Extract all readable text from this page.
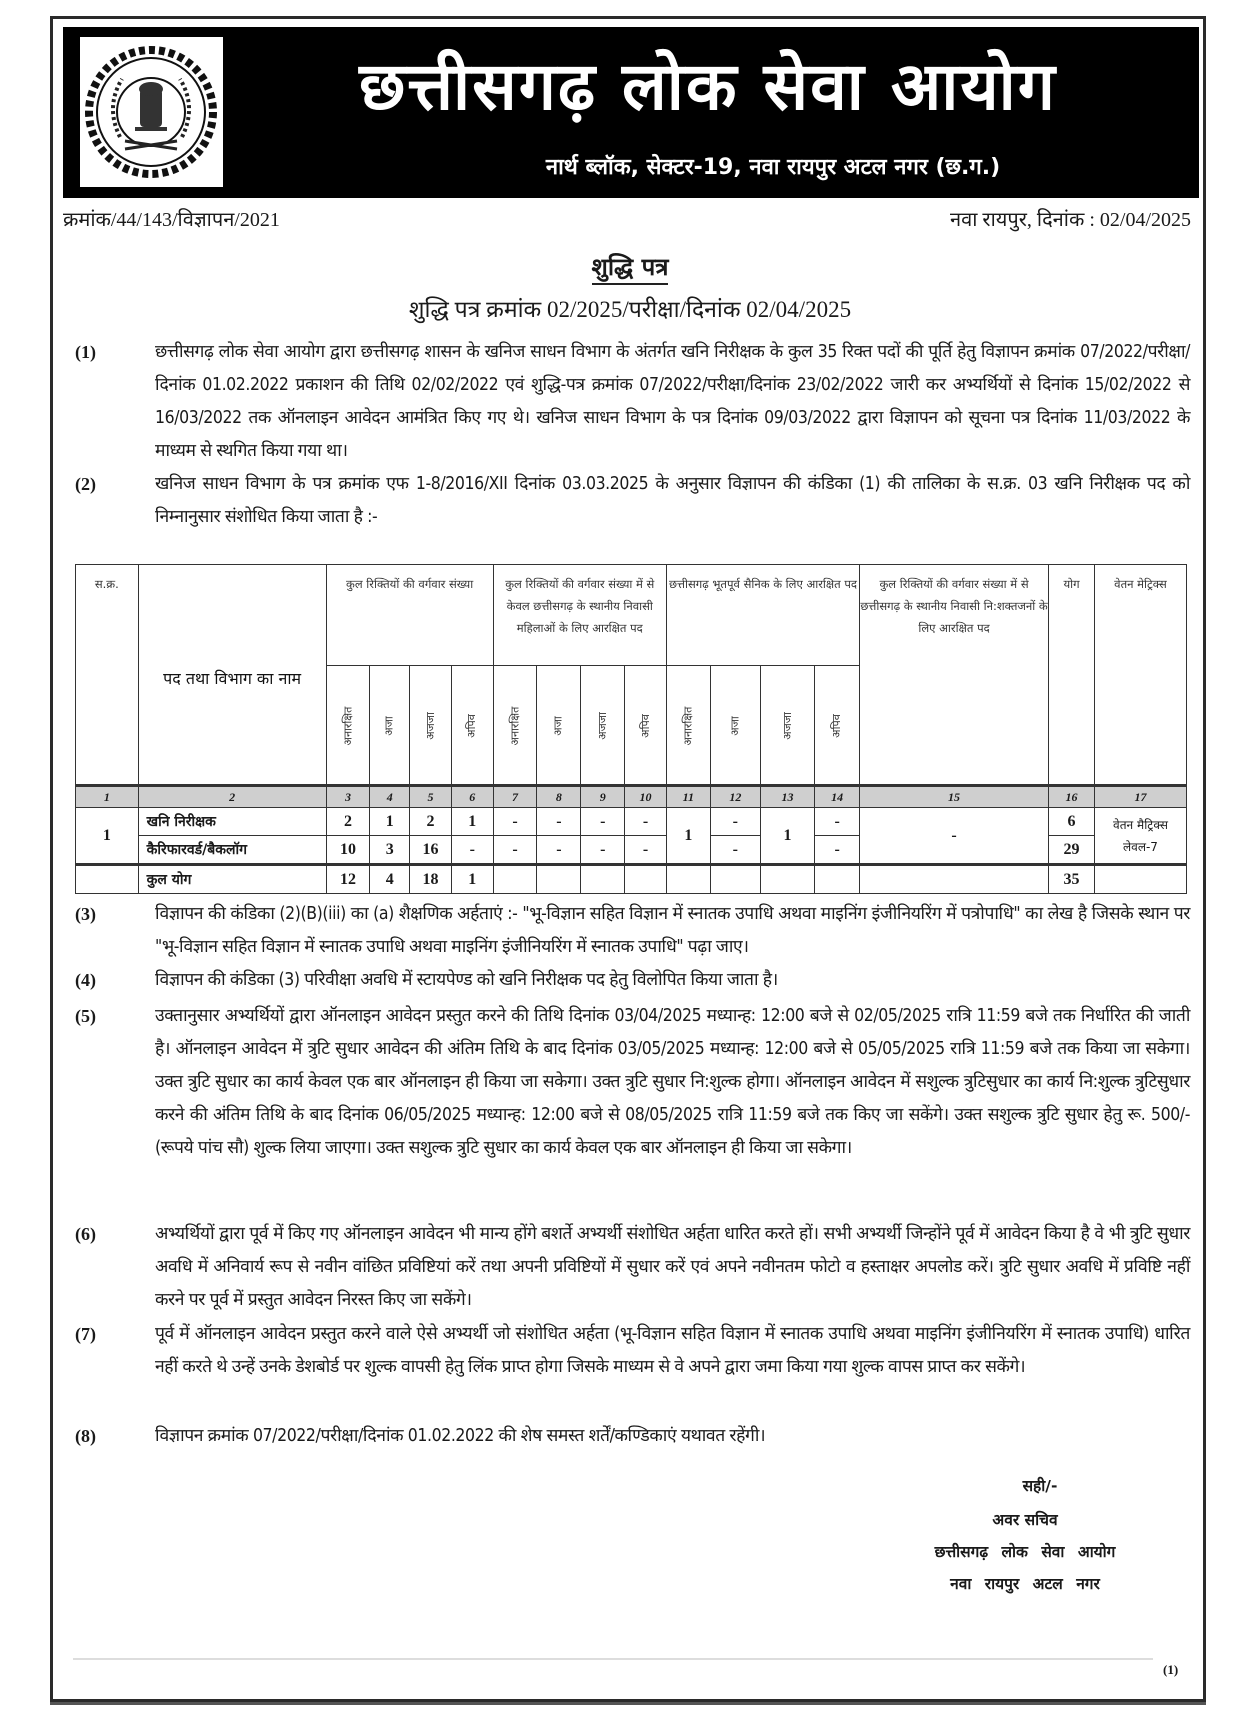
छत्तीसगढ़ लोक सेवा आयोग
नार्थ ब्लॉक, सेक्टर-19, नवा रायपुर अटल नगर (छ.ग.)
क्रमांक/44/143/विज्ञापन/2021	नवा रायपुर, दिनांक : 02/04/2025
शुद्धि पत्र
शुद्धि पत्र क्रमांक 02/2025/परीक्षा/दिनांक 02/04/2025
(1)	छत्तीसगढ़ लोक सेवा आयोग द्वारा छत्तीसगढ़ शासन के खनिज साधन विभाग के अंतर्गत खनि निरीक्षक के कुल 35 रिक्त पदों की पूर्ति हेतु विज्ञापन क्रमांक 07/2022/परीक्षा/दिनांक 01.02.2022 प्रकाशन की तिथि 02/02/2022 एवं शुद्धि-पत्र क्रमांक 07/2022/परीक्षा/दिनांक 23/02/2022 जारी कर अभ्यर्थियों से दिनांक 15/02/2022 से 16/03/2022 तक ऑनलाइन आवेदन आमंत्रित किए गए थे। खनिज साधन विभाग के पत्र दिनांक 09/03/2022 द्वारा विज्ञापन को सूचना पत्र दिनांक 11/03/2022 के माध्यम से स्थगित किया गया था।
(2)	खनिज साधन विभाग के पत्र क्रमांक एफ 1-8/2016/XII दिनांक 03.03.2025 के अनुसार विज्ञापन की कंडिका (1) की तालिका के स.क्र. 03 खनि निरीक्षक पद को निम्नानुसार संशोधित किया जाता है :-
स.क्र.	पद तथा विभाग का नाम	कुल रिक्तियों की वर्गवार संख्या				कुल रिक्तियों की वर्गवार संख्या में से केवल छत्तीसगढ़ के स्थानीय निवासी महिलाओं के लिए आरक्षित पद				छत्तीसगढ़ भूतपूर्व सैनिक के लिए आरक्षित पद				कुल रिक्तियों की वर्गवार संख्या में से छत्तीसगढ़ के स्थानीय निवासी नि:शक्तजनों के लिए आरक्षित पद	योग	वेतन मेट्रिक्स
		अनारक्षित	अजा	अजजा	अपिव	अनारक्षित	अजा	अजजा	अपिव	अनारक्षित	अजा	अजजा	अपिव			
1	2	3	4	5	6	7	8	9	10	11	12	13	14	15	16	17
1	खनि निरीक्षक	2	1	2	1	-	-	-	-	1	-	1	-	-	6	वेतन मैट्रिक्स लेवल-7
	कैरिफारवर्ड/बैकलॉग	10	3	16	-	-	-	-	-		-		-		29	
	कुल योग	12	4	18	1										35	
(3)	विज्ञापन की कंडिका (2)(B)(iii) का (a) शैक्षणिक अर्हताएं :- "भू-विज्ञान सहित विज्ञान में स्नातक उपाधि अथवा माइनिंग इंजीनियरिंग में पत्रोपाधि" का लेख है जिसके स्थान पर "भू-विज्ञान सहित विज्ञान में स्नातक उपाधि अथवा माइनिंग इंजीनियरिंग में स्नातक उपाधि" पढ़ा जाए।
(4)	विज्ञापन की कंडिका (3) परिवीक्षा अवधि में स्टायपेण्ड को खनि निरीक्षक पद हेतु विलोपित किया जाता है।
(5)	उक्तानुसार अभ्यर्थियों द्वारा ऑनलाइन आवेदन प्रस्तुत करने की तिथि दिनांक 03/04/2025 मध्यान्ह: 12:00 बजे से 02/05/2025 रात्रि 11:59 बजे तक निर्धारित की जाती है। ऑनलाइन आवेदन में त्रुटि सुधार आवेदन की अंतिम तिथि के बाद दिनांक 03/05/2025 मध्यान्ह: 12:00 बजे से 05/05/2025 रात्रि 11:59 बजे तक किया जा सकेगा। उक्त त्रुटि सुधार का कार्य केवल एक बार ऑनलाइन ही किया जा सकेगा। उक्त त्रुटि सुधार नि:शुल्क होगा। ऑनलाइन आवेदन में सशुल्क त्रुटिसुधार का कार्य नि:शुल्क त्रुटिसुधार करने की अंतिम तिथि के बाद दिनांक 06/05/2025 मध्यान्ह: 12:00 बजे से 08/05/2025 रात्रि 11:59 बजे तक किए जा सकेंगे। उक्त सशुल्क त्रुटि सुधार हेतु रू. 500/- (रूपये पांच सौ) शुल्क लिया जाएगा। उक्त सशुल्क त्रुटि सुधार का कार्य केवल एक बार ऑनलाइन ही किया जा सकेगा।
(6)	अभ्यर्थियों द्वारा पूर्व में किए गए ऑनलाइन आवेदन भी मान्य होंगे बशर्ते अभ्यर्थी संशोधित अर्हता धारित करते हों। सभी अभ्यर्थी जिन्होंने पूर्व में आवेदन किया है वे भी त्रुटि सुधार अवधि में अनिवार्य रूप से नवीन वांछित प्रविष्टियां करें तथा अपनी प्रविष्टियों में सुधार करें एवं अपने नवीनतम फोटो व हस्ताक्षर अपलोड करें। त्रुटि सुधार अवधि में प्रविष्टि नहीं करने पर पूर्व में प्रस्तुत आवेदन निरस्त किए जा सकेंगे।
(7)	पूर्व में ऑनलाइन आवेदन प्रस्तुत करने वाले ऐसे अभ्यर्थी जो संशोधित अर्हता (भू-विज्ञान सहित विज्ञान में स्नातक उपाधि अथवा माइनिंग इंजीनियरिंग में स्नातक उपाधि) धारित नहीं करते थे उन्हें उनके डेशबोर्ड पर शुल्क वापसी हेतु लिंक प्राप्त होगा जिसके माध्यम से वे अपने द्वारा जमा किया गया शुल्क वापस प्राप्त कर सकेंगे।
(8)	विज्ञापन क्रमांक 07/2022/परीक्षा/दिनांक 01.02.2022 की शेष समस्त शर्तें/कण्डिकाएं यथावत रहेंगी।
सही/-
अवर सचिव
छत्तीसगढ़ लोक सेवा आयोग
नवा रायपुर अटल नगर
(1)
